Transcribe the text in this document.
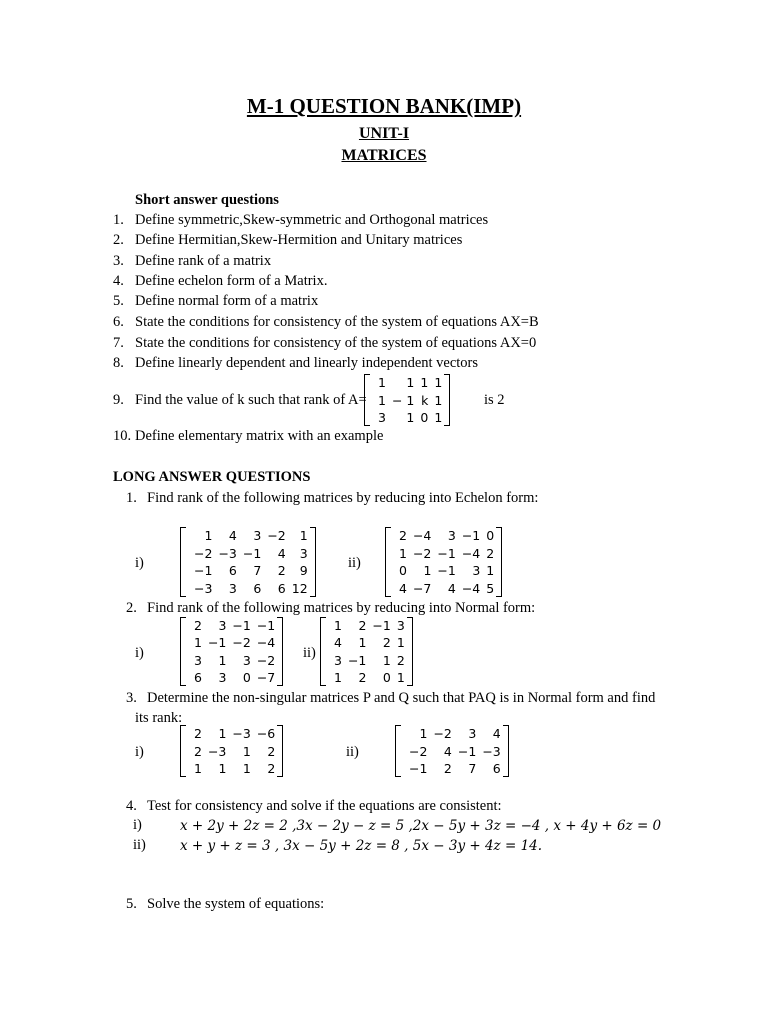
M-1 QUESTION BANK(IMP)
UNIT-I
MATRICES
Short answer questions
1. Define symmetric,Skew-symmetric and Orthogonal matrices
2. Define Hermitian,Skew-Hermition and Unitary matrices
3. Define rank of a matrix
4. Define echelon form of a Matrix.
5. Define normal form of a matrix
6. State the conditions for consistency of the system of equations AX=B
7. State the conditions for consistency of the system of equations AX=0
8. Define linearly dependent and linearly independent vectors
9. Find the value of k such that rank of A=
1	1 1 1
1 − 1 k 1
3	1 0 1
is 2
10. Define elementary matrix with an example
LONG ANSWER QUESTIONS
1. Find rank of the following matrices by reducing into Echelon form:
i)
1	4	3 −2	1
−2 −3 −1	4	3
−1	6	7	2	9
−3	3	6	6 12
ii)
2 −4	3 −1 0
1 −2 −1 −4 2
0	1 −1	3 1
4 −7	4 −4 5
2. Find rank of the following matrices by reducing into Normal form:
i)
2	3 −1 −1
1 −1 −2 −4
3	1	3 −2
6	3	0 −7
ii)
1	2 −1 3
4	1	2 1
3 −1	1 2
1	2	0 1
3. Determine the non-singular matrices P and Q such that PAQ is in Normal form and find
its rank:
i)
2	1 −3 −6
2 −3	1	2
1	1	1	2
ii)
1 −2	3	4
−2	4 −1 −3
−1	2	7	6
4. Test for consistency and solve if the equations are consistent:
i)	x + 2y + 2z = 2 ,3x − 2y − z = 5 ,2x − 5y + 3z = −4 , x + 4y + 6z = 0
ii)	x + y + z = 3 , 3x − 5y + 2z = 8 , 5x − 3y + 4z = 14.
5. Solve the system of equations:
